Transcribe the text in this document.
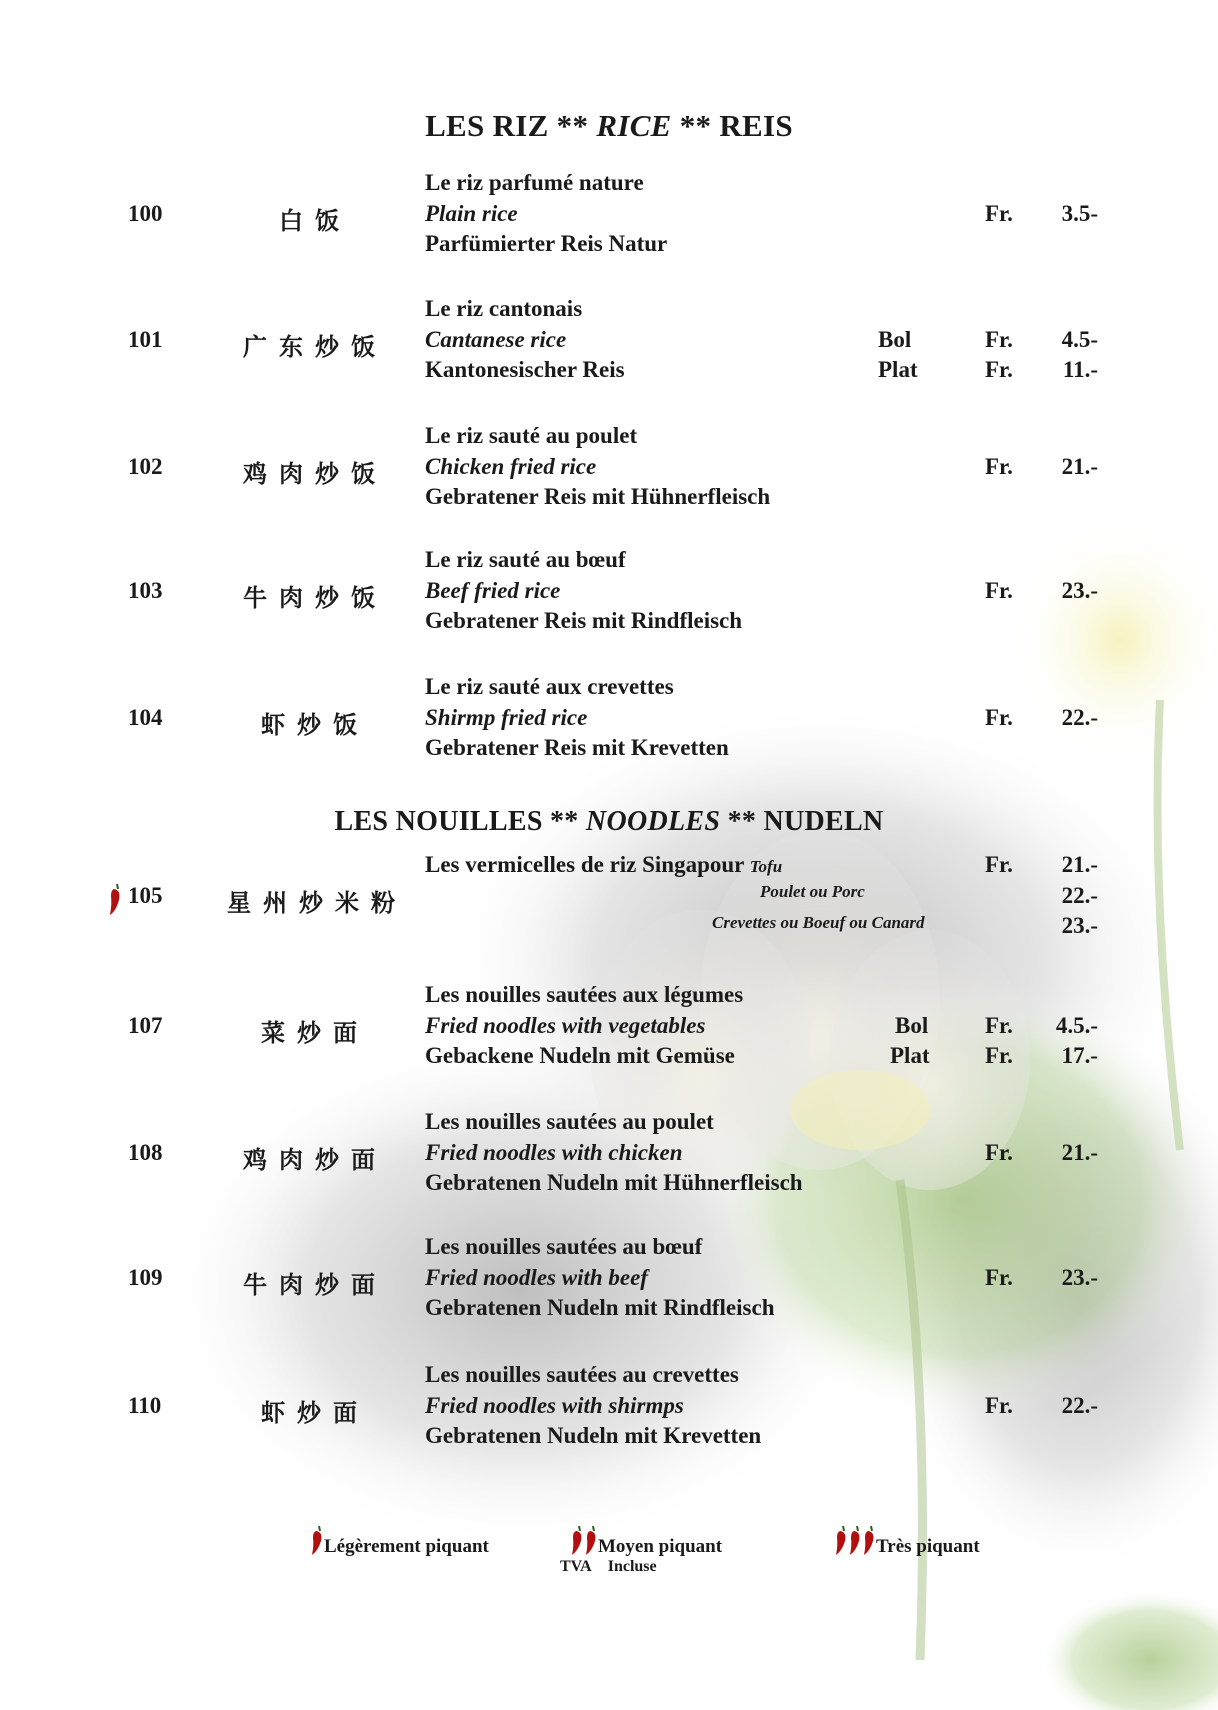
LES RIZ ** RICE ** REIS
100	白饭
Le riz parfumé nature
Plain rice
Parfümierter Reis Natur
Fr. 3.5-
101	广东炒饭
Le riz cantonais
Cantanese rice
Kantonesischer Reis
Bol	Fr. 4.5-
Plat	Fr. 11.-
102	鸡肉炒饭
Le riz sauté au poulet
Chicken fried rice
Gebratener Reis mit Hühnerfleisch
Fr. 21.-
103	牛肉炒饭
Le riz sauté au bœuf
Beef fried rice
Gebratener Reis mit Rindfleisch
Fr. 23.-
104	虾炒饭
Le riz sauté aux crevettes
Shirmp fried rice
Gebratener Reis mit Krevetten
Fr. 22.-
LES NOUILLES ** NOODLES ** NUDELN
105	星州炒米粉
Les vermicelles de riz Singapour Tofu
Poulet ou Porc
Crevettes ou Boeuf ou Canard
Fr. 21.-
22.-
23.-
107	菜炒面
Les nouilles sautées aux légumes
Fried noodles with vegetables
Gebackene Nudeln mit Gemüse
Bol Fr. 4.5.-
Plat Fr. 17.-
108	鸡肉炒面
Les nouilles sautées au poulet
Fried noodles with chicken
Gebratenen Nudeln mit Hühnerfleisch
Fr. 21.-
109	牛肉炒面
Les nouilles sautées au bœuf
Fried noodles with beef
Gebratenen Nudeln mit Rindfleisch
Fr. 23.-
110	虾炒面
Les nouilles sautées au crevettes
Fried noodles with shirmps
Gebratenen Nudeln mit Krevetten
Fr. 22.-
Légèrement piquant	Moyen piquant	Très piquant
TVA Incluse
